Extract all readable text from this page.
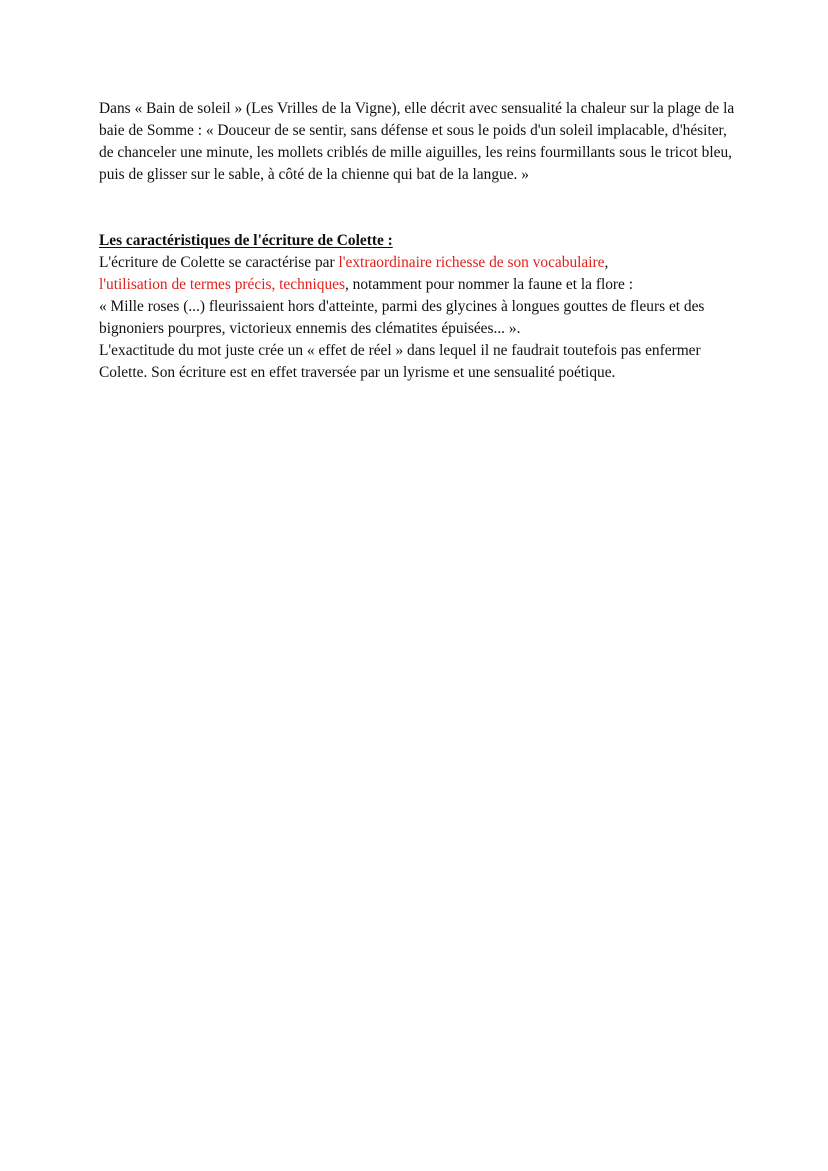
Dans « Bain de soleil » (Les Vrilles de la Vigne), elle décrit avec sensualité la chaleur sur la plage de la baie de Somme : « Douceur de se sentir, sans défense et sous le poids d'un soleil implacable, d'hésiter, de chanceler une minute, les mollets criblés de mille aiguilles, les reins fourmillants sous le tricot bleu, puis de glisser sur le sable, à côté de la chienne qui bat de la langue. »

Les caractéristiques de l'écriture de Colette :

L'écriture de Colette se caractérise par l'extraordinaire richesse de son vocabulaire,
l'utilisation de termes précis, techniques, notamment pour nommer la faune et la flore :

« Mille roses (...) fleurissaient hors d'atteinte, parmi des glycines à longues gouttes de fleurs et des bignoniers pourpres, victorieux ennemis des clématites épuisées... ».

L'exactitude du mot juste crée un « effet de réel » dans lequel il ne faudrait toutefois pas enfermer Colette. Son écriture est en effet traversée par un lyrisme et une sensualité poétique.
